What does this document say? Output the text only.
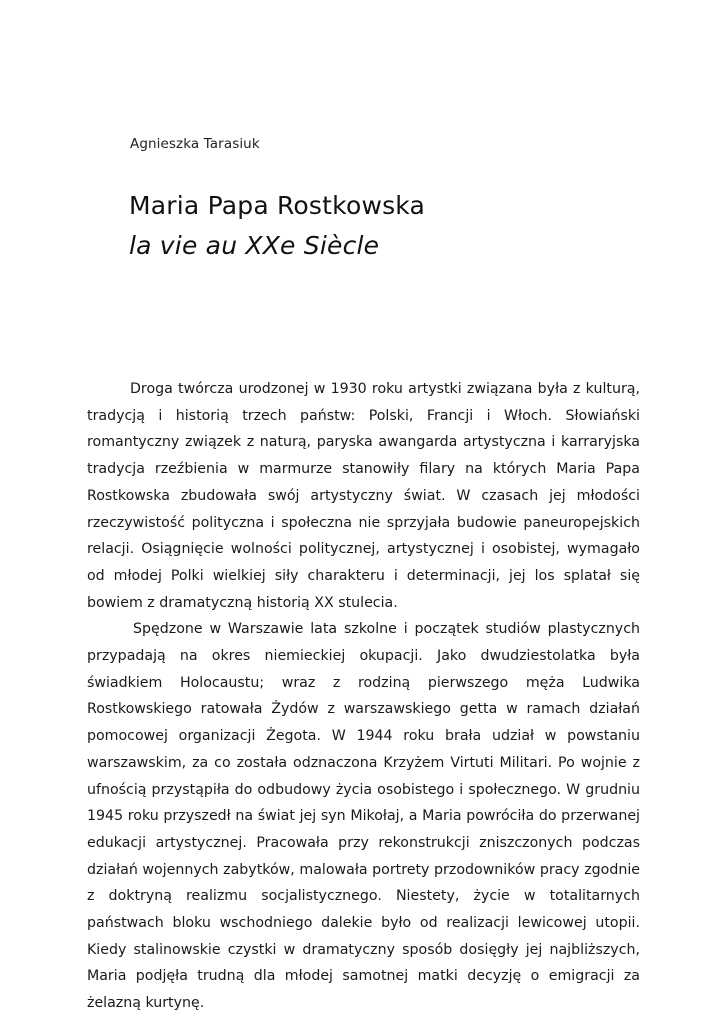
Agnieszka Tarasiuk
Maria Papa Rostkowska
la vie au XXe Siècle

Droga twórcza urodzonej w 1930 roku artystki związana była z kulturą, tradycją i historią trzech państw: Polski, Francji i Włoch. Słowiański romantyczny związek z naturą, paryska awangarda artystyczna i karraryjska tradycja rzeźbienia w marmurze stanowiły filary na których Maria Papa Rostkowska zbudowała swój artystyczny świat. W czasach jej młodości rzeczywistość polityczna i społeczna nie sprzyjała budowie paneuropejskich relacji. Osiągnięcie wolności politycznej, artystycznej i osobistej, wymagało od młodej Polki wielkiej siły charakteru i determinacji, jej los splatał się bowiem z dramatyczną historią XX stulecia.

Spędzone w Warszawie lata szkolne i początek studiów plastycznych przypadają na okres niemieckiej okupacji. Jako dwudziestolatka była świadkiem Holocaustu; wraz z rodziną pierwszego męża Ludwika Rostkowskiego ratowała Żydów z warszawskiego getta w ramach działań pomocowej organizacji Żegota. W 1944 roku brała udział w powstaniu warszawskim, za co została odznaczona Krzyżem Virtuti Militari. Po wojnie z ufnością przystąpiła do odbudowy życia osobistego i społecznego. W grudniu 1945 roku przyszedł na świat jej syn Mikołaj, a Maria powróciła do przerwanej edukacji artystycznej. Pracowała przy rekonstrukcji zniszczonych podczas działań wojennych zabytków, malowała portrety przodowników pracy zgodnie z doktryną realizmu socjalistycznego. Niestety, życie w totalitarnych państwach bloku wschodniego dalekie było od realizacji lewicowej utopii. Kiedy stalinowskie czystki w dramatyczny sposób dosięgły jej najbliższych, Maria podjęła trudną dla młodej samotnej matki decyzję o emigracji za żelazną kurtynę.
